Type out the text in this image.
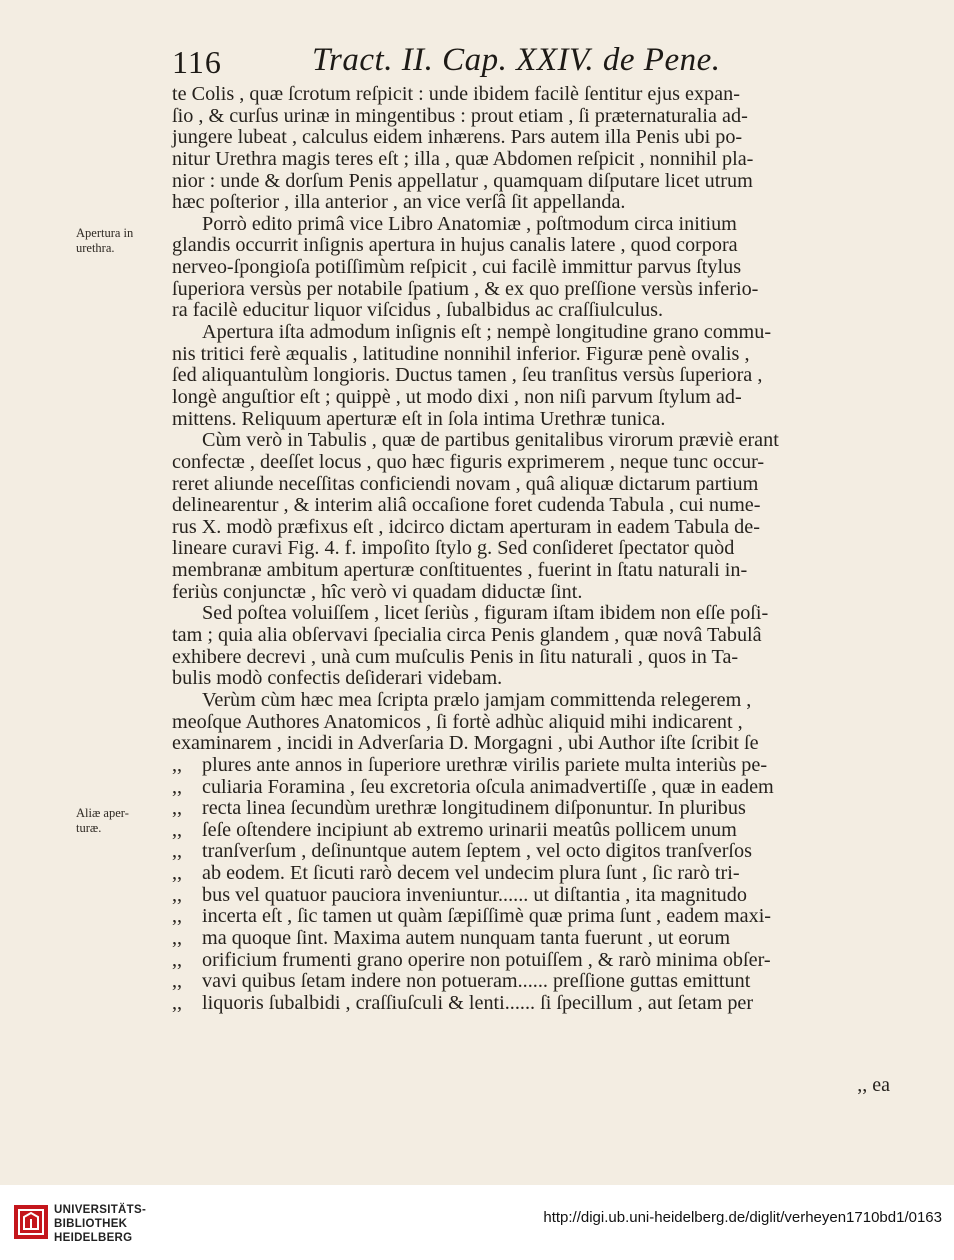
116	Tract. II. Cap. XXIV. de Pene.
Apertura in
urethra.
Aliæ aper-
turæ.
te Colis , quæ ſcrotum reſpicit : unde ibidem facilè ſentitur ejus expan-
ſio , & curſus urinæ in mingentibus : prout etiam , ſi præternaturalia ad-
jungere lubeat , calculus eidem inhærens. Pars autem illa Penis ubi po-
nitur Urethra magis teres eſt ; illa , quæ Abdomen reſpicit , nonnihil pla-
nior : unde & dorſum Penis appellatur , quamquam diſputare licet utrum
hæc poſterior , illa anterior , an vice verſâ ſit appellanda.
Porrò edito primâ vice Libro Anatomiæ , poſtmodum circa initium
glandis occurrit inſignis apertura in hujus canalis latere , quod corpora
nerveo-ſpongioſa potiſſimùm reſpicit , cui facilè immittur parvus ſtylus
ſuperiora versùs per notabile ſpatium , & ex quo preſſione versùs inferio-
ra facilè educitur liquor viſcidus , ſubalbidus ac craſſiulculus.
Apertura iſta admodum inſignis eſt ; nempè longitudine grano commu-
nis tritici ferè æqualis , latitudine nonnihil inferior. Figuræ penè ovalis ,
ſed aliquantulùm longioris. Ductus tamen , ſeu tranſitus versùs ſuperiora ,
longè anguſtior eſt ; quippè , ut modo dixi , non niſi parvum ſtylum ad-
mittens. Reliquum aperturæ eſt in ſola intima Urethræ tunica.
Cùm verò in Tabulis , quæ de partibus genitalibus virorum prævіè erant
confectæ , deeſſet locus , quo hæc figuris exprimerem , neque tunc occur-
reret aliunde neceſſitas conficiendi novam , quâ aliquæ dictarum partium
delinearentur , & interim aliâ occaſione foret cudenda Tabula , cui nume-
rus X. modò præfixus eſt , idcirco dictam aperturam in eadem Tabula de-
lineare curavi Fig. 4. f. impoſito ſtylo g. Sed conſideret ſpectator quòd
membranæ ambitum aperturæ conſtituentes , fuerint in ſtatu naturali in-
feriùs conjunctæ , hîc verò vi quadam diductæ ſint.
Sed poſtea voluiſſem , licet ſeriùs , figuram iſtam ibidem non eſſe poſi-
tam ; quia alia obſervavi ſpecialia circa Penis glandem , quæ novâ Tabulâ
exhibere decrevi , unà cum muſculis Penis in ſitu naturali , quos in Ta-
bulis modò confectis deſiderari videbam.
Verùm cùm hæc mea ſcripta prælo jamjam committenda relegerem ,
meoſque Authores Anatomicos , ſi fortè adhùc aliquid mihi indicarent ,
examinarem , incidi in Adverſaria D. Morgagni , ubi Author iſte ſcribit ſe
,, plures ante annos in ſuperiore urethræ virilis pariete multa interiùs pe-
,, culiaria Foramina , ſeu excretoria oſcula animadvertiſſe , quæ in eadem
,, recta linea ſecundùm urethræ longitudinem diſponuntur. In pluribus
,, ſeſe oſtendere incipiunt ab extremo urinarii meatûs pollicem unum
,, tranſverſum , deſinuntque autem ſeptem , vel octo digitos tranſverſos
,, ab eodem. Et ſicuti rarò decem vel undecim plura ſunt , ſic rarò tri-
,, bus vel quatuor pauciora inveniuntur...... ut diſtantia , ita magnitudo
,, incerta eſt , ſic tamen ut quàm ſæpiſſimè quæ prima ſunt , eadem maxi-
,, ma quoque ſint. Maxima autem nunquam tanta fuerunt , ut eorum
,, orificium frumenti grano operire non potuiſſem , & rarò minima obſer-
,, vavi quibus ſetam indere non potueram...... preſſione guttas emittunt
,, liquoris ſubalbidi , craſſiuſculi & lenti...... ſi ſpecillum , aut ſetam per
,, ea
UNIVERSITÄTS-
BIBLIOTHEK
HEIDELBERG
http://digi.ub.uni-heidelberg.de/diglit/verheyen1710bd1/0163
